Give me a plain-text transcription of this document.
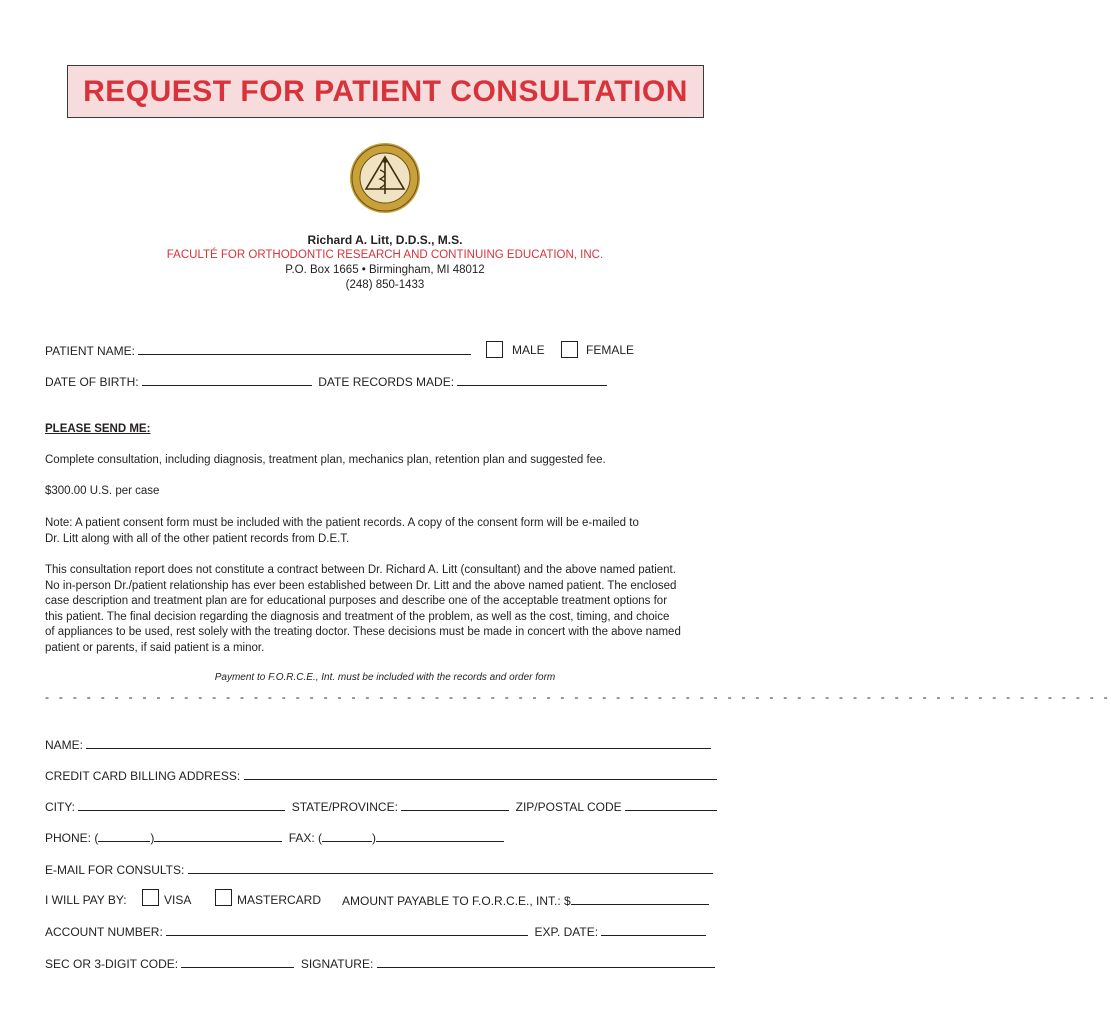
REQUEST FOR PATIENT CONSULTATION
Richard A. Litt, D.D.S., M.S.
FACULTÉ FOR ORTHODONTIC RESEARCH AND CONTINUING EDUCATION, INC.
P.O. Box 1665 • Birmingham, MI 48012
(248) 850-1433
PATIENT NAME:	MALE	FEMALE
DATE OF BIRTH:	DATE RECORDS MADE:
PLEASE SEND ME:
Complete consultation, including diagnosis, treatment plan, mechanics plan, retention plan and suggested fee.
$300.00 U.S. per case
Note: A patient consent form must be included with the patient records. A copy of the consent form will be e-mailed to
Dr. Litt along with all of the other patient records from D.E.T.
This consultation report does not constitute a contract between Dr. Richard A. Litt (consultant) and the above named patient.
No in-person Dr./patient relationship has ever been established between Dr. Litt and the above named patient. The enclosed
case description and treatment plan are for educational purposes and describe one of the acceptable treatment options for
this patient. The final decision regarding the diagnosis and treatment of the problem, as well as the cost, timing, and choice
of appliances to be used, rest solely with the treating doctor. These decisions must be made in concert with the above named
patient or parents, if said patient is a minor.
Payment to F.O.R.C.E., Int. must be included with the records and order form
- - - - - - - - - - - - - - - - - - - - - - - - - - - - - - - - - - - - - - - - - - - - - - - - - - - - - - - - - - - - - - - - - - - - - - - - - - - - -
NAME:
CREDIT CARD BILLING ADDRESS:
CITY:	STATE/PROVINCE:	ZIP/POSTAL CODE
PHONE: (	)	FAX: (	)
E-MAIL FOR CONSULTS:
I WILL PAY BY:	VISA	MASTERCARD AMOUNT PAYABLE TO F.O.R.C.E., INT.: $
ACCOUNT NUMBER:	EXP. DATE:
SEC OR 3-DIGIT CODE:	SIGNATURE:
